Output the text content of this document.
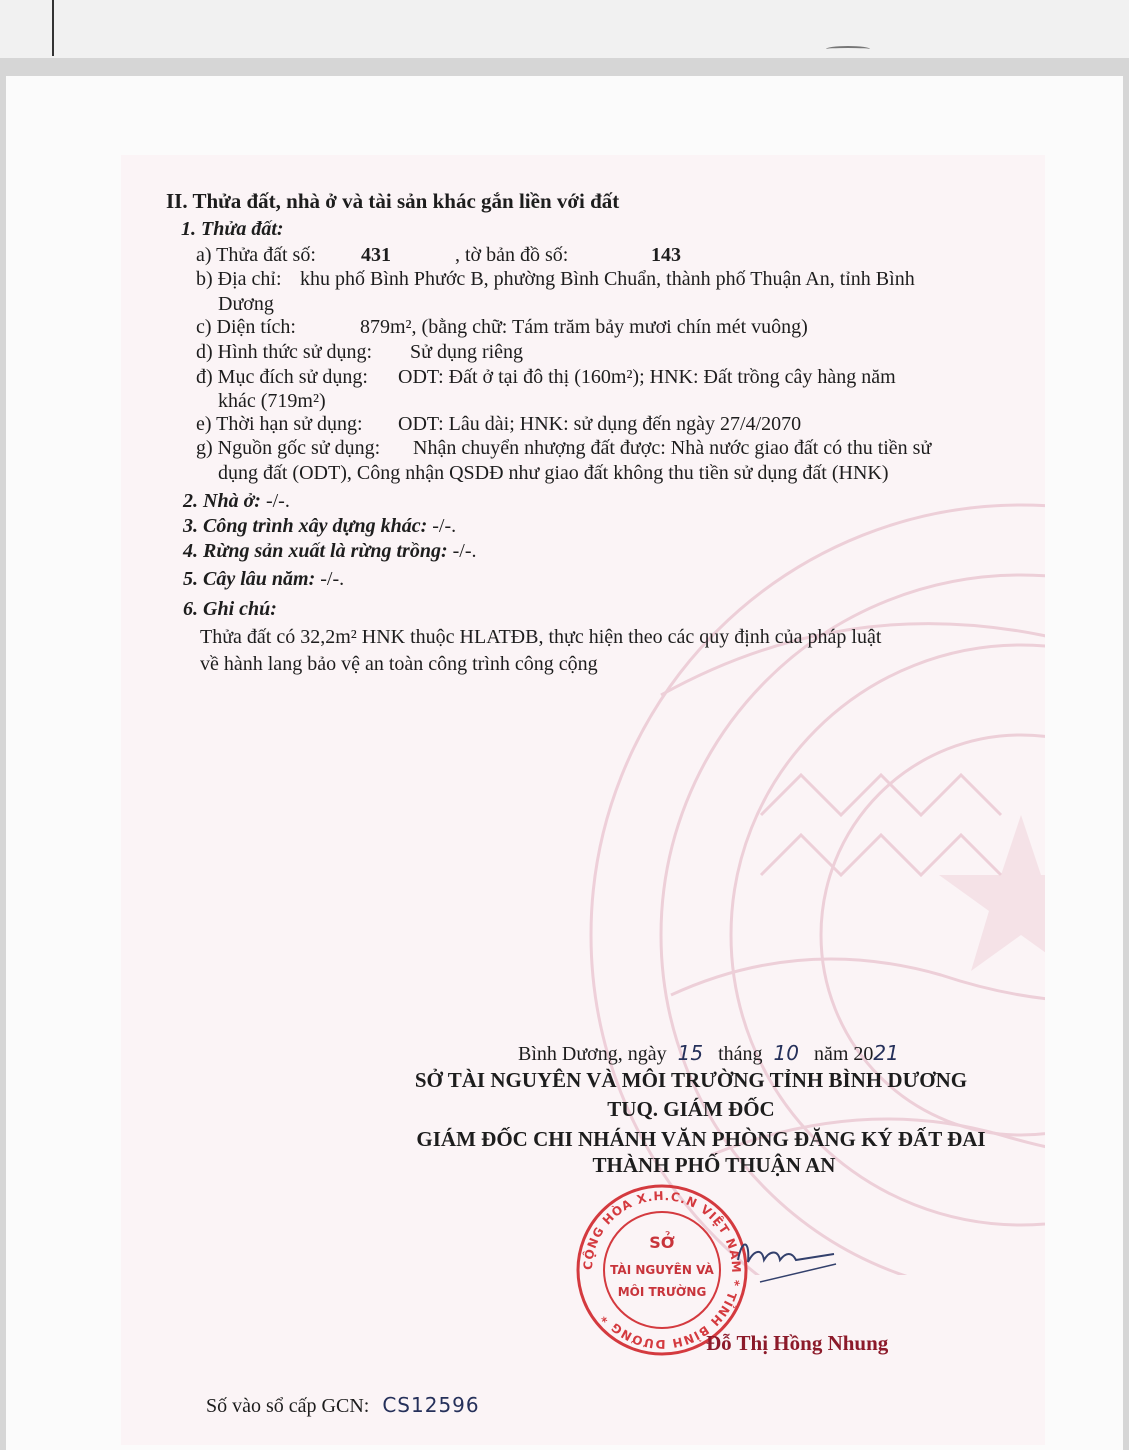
II. Thửa đất, nhà ở và tài sản khác gắn liền với đất
1. Thửa đất:
a) Thửa đất số: 431	, tờ bản đồ số:	143
b) Địa chỉ: khu phố Bình Phước B, phường Bình Chuẩn, thành phố Thuận An, tỉnh Bình
Dương
c) Diện tích:	879m², (bằng chữ: Tám trăm bảy mươi chín mét vuông)
d) Hình thức sử dụng: Sử dụng riêng
đ) Mục đích sử dụng: ODT: Đất ở tại đô thị (160m²); HNK: Đất trồng cây hàng năm
khác (719m²)
e) Thời hạn sử dụng: ODT: Lâu dài; HNK: sử dụng đến ngày 27/4/2070
g) Nguồn gốc sử dụng: Nhận chuyển nhượng đất được: Nhà nước giao đất có thu tiền sử
dụng đất (ODT), Công nhận QSDĐ như giao đất không thu tiền sử dụng đất (HNK)
2. Nhà ở: -/-.
3. Công trình xây dựng khác: -/-.
4. Rừng sản xuất là rừng trồng: -/-.
5. Cây lâu năm: -/-.
6. Ghi chú:
Thửa đất có 32,2m² HNK thuộc HLATĐB, thực hiện theo các quy định của pháp luật
về hành lang bảo vệ an toàn công trình công cộng
Bình Dương, ngày 15 tháng 10 năm 2021
SỞ TÀI NGUYÊN VÀ MÔI TRƯỜNG TỈNH BÌNH DƯƠNG
TUQ. GIÁM ĐỐC
GIÁM ĐỐC CHI NHÁNH VĂN PHÒNG ĐĂNG KÝ ĐẤT ĐAI
THÀNH PHỐ THUẬN AN
CỘNG HÒA X.H.C.N VIỆT NAM * TỈNH BÌNH DƯƠNG *
SỞ
TÀI NGUYÊN VÀ
MÔI TRƯỜNG
Đỗ Thị Hồng Nhung
Số vào sổ cấp GCN: CS12596
